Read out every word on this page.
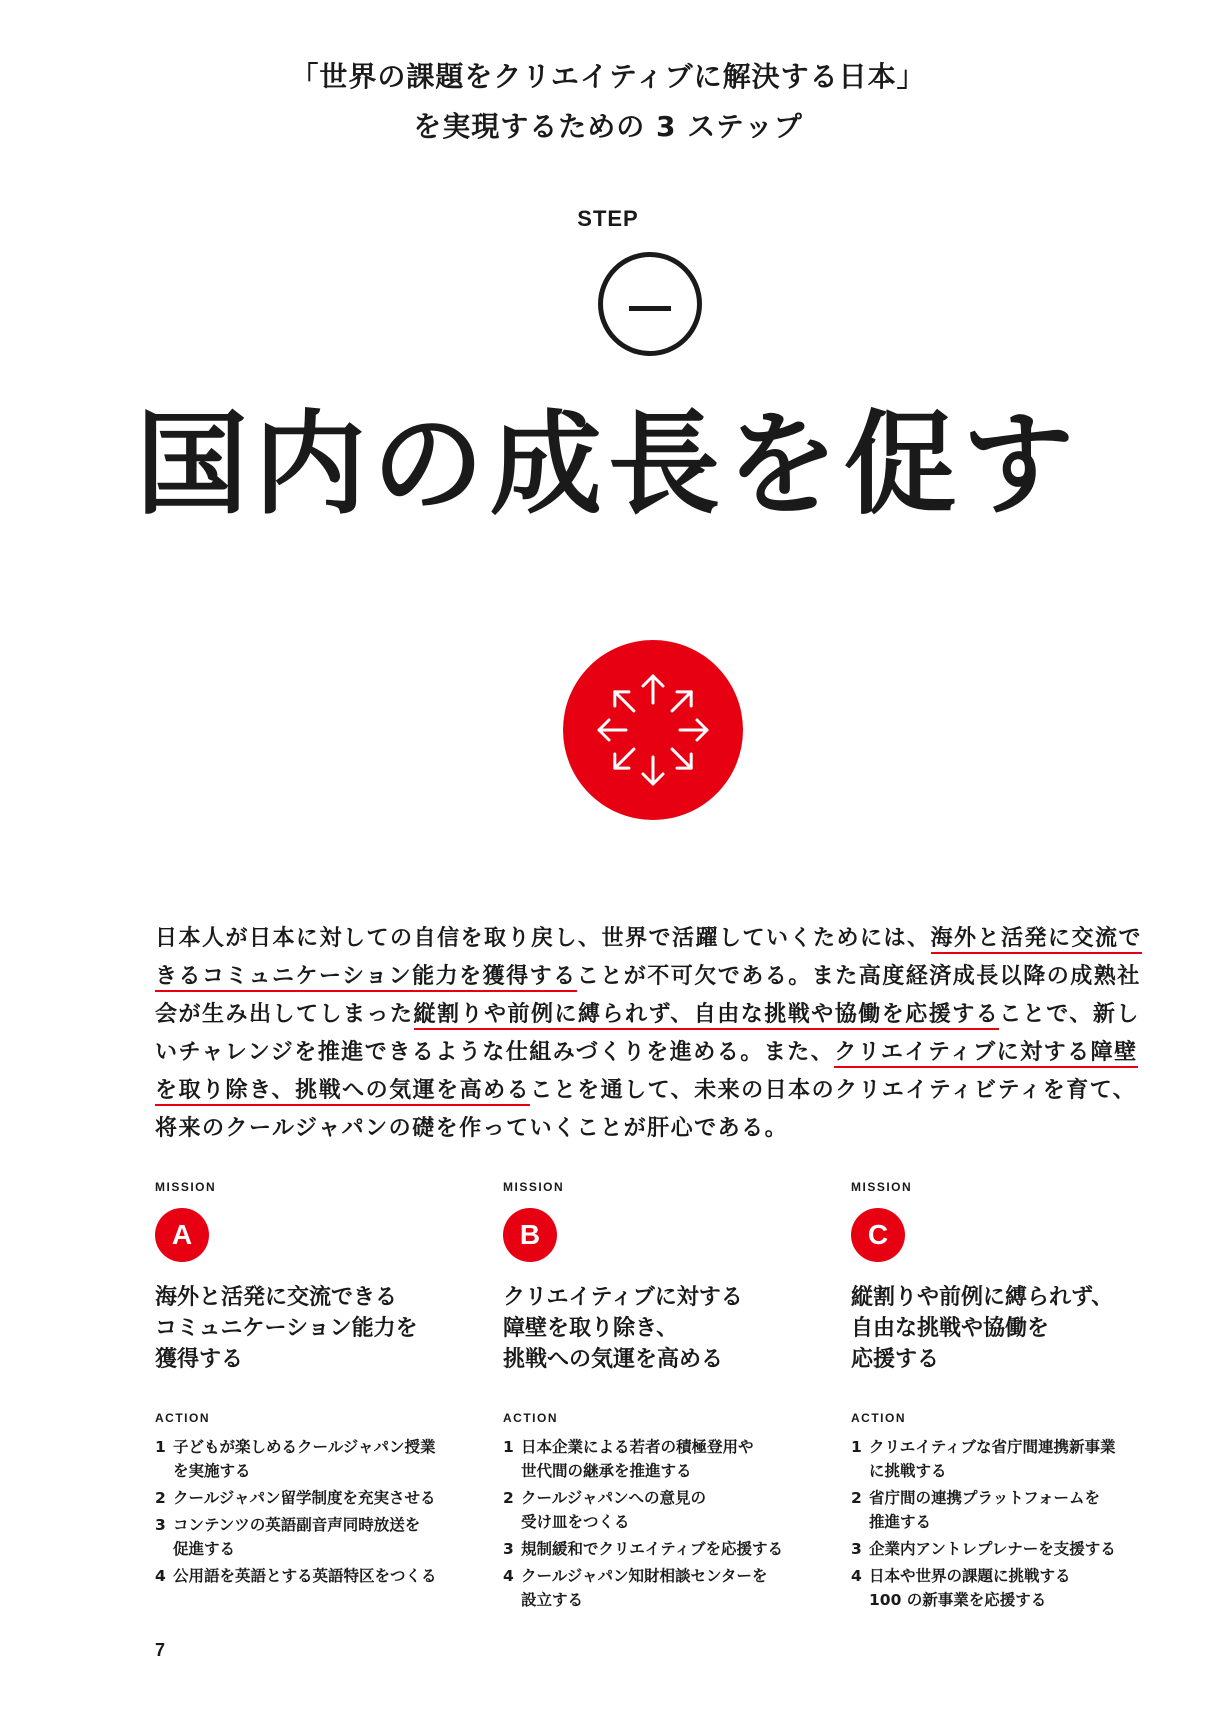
「世界の課題をクリエイティブに解決する日本」
を実現するための 3 ステップ
STEP
国内の成長を促す
日本人が日本に対しての自信を取り戻し、世界で活躍していくためには、海外と活発に交流できるコミュニケーション能力を獲得することが不可欠である。また高度経済成長以降の成熟社会が生み出してしまった縦割りや前例に縛られず、自由な挑戦や協働を応援することで、新しいチャレンジを推進できるような仕組みづくりを進める。また、クリエイティブに対する障壁を取り除き、挑戦への気運を高めることを通して、未来の日本のクリエイティビティを育て、将来のクールジャパンの礎を作っていくことが肝心である。
MISSION
A
海外と活発に交流できる
コミュニケーション能力を
獲得する
ACTION
1 子どもが楽しめるクールジャパン授業
を実施する
2 クールジャパン留学制度を充実させる
3 コンテンツの英語副音声同時放送を
促進する
4 公用語を英語とする英語特区をつくる
MISSION
B
クリエイティブに対する
障壁を取り除き、
挑戦への気運を高める
ACTION
1 日本企業による若者の積極登用や
世代間の継承を推進する
2 クールジャパンへの意見の
受け皿をつくる
3 規制緩和でクリエイティブを応援する
4 クールジャパン知財相談センターを
設立する
MISSION
C
縦割りや前例に縛られず、
自由な挑戦や協働を
応援する
ACTION
1 クリエイティブな省庁間連携新事業
に挑戦する
2 省庁間の連携プラットフォームを
推進する
3 企業内アントレプレナーを支援する
4 日本や世界の課題に挑戦する
100 の新事業を応援する
7
